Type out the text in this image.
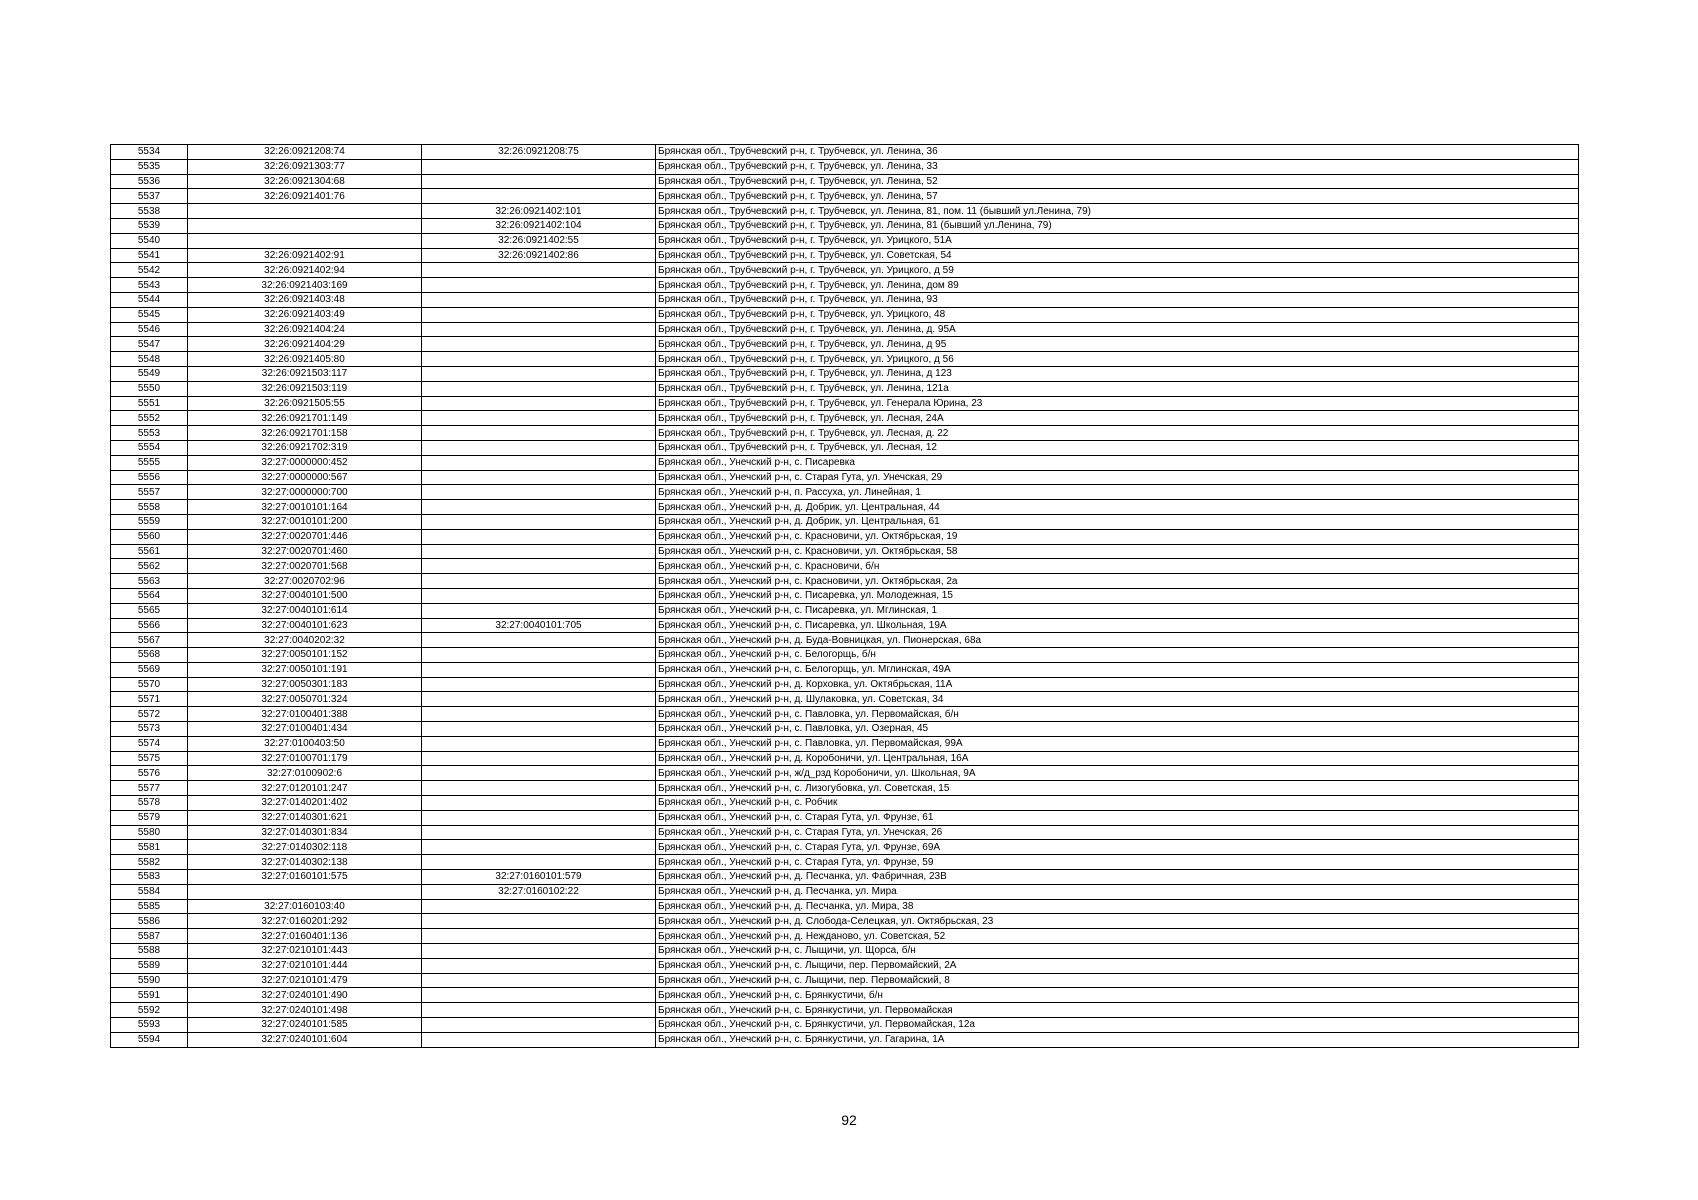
5534	32:26:0921208:74	32:26:0921208:75	Брянская обл., Трубчевский р-н, г. Трубчевск, ул. Ленина, 36
5535	32:26:0921303:77		Брянская обл., Трубчевский р-н, г. Трубчевск, ул. Ленина, 33
5536	32:26:0921304:68		Брянская обл., Трубчевский р-н, г. Трубчевск, ул. Ленина, 52
5537	32:26:0921401:76		Брянская обл., Трубчевский р-н, г. Трубчевск, ул. Ленина, 57
5538		32:26:0921402:101	Брянская обл., Трубчевский р-н, г. Трубчевск, ул. Ленина, 81, пом. 11 (бывший ул.Ленина, 79)
5539		32:26:0921402:104	Брянская обл., Трубчевский р-н, г. Трубчевск, ул. Ленина, 81 (бывший ул.Ленина, 79)
5540		32:26:0921402:55	Брянская обл., Трубчевский р-н, г. Трубчевск, ул. Урицкого, 51А
5541	32:26:0921402:91	32:26:0921402:86	Брянская обл., Трубчевский р-н, г. Трубчевск, ул. Советская, 54
5542	32:26:0921402:94		Брянская обл., Трубчевский р-н, г. Трубчевск, ул. Урицкого, д 59
5543	32:26:0921403:169		Брянская обл., Трубчевский р-н, г. Трубчевск, ул. Ленина, дом 89
5544	32:26:0921403:48		Брянская обл., Трубчевский р-н, г. Трубчевск, ул. Ленина, 93
5545	32:26:0921403:49		Брянская обл., Трубчевский р-н, г. Трубчевск, ул. Урицкого, 48
5546	32:26:0921404:24		Брянская обл., Трубчевский р-н, г. Трубчевск, ул. Ленина, д. 95А
5547	32:26:0921404:29		Брянская обл., Трубчевский р-н, г. Трубчевск, ул. Ленина, д 95
5548	32:26:0921405:80		Брянская обл., Трубчевский р-н, г. Трубчевск, ул. Урицкого, д 56
5549	32:26:0921503:117		Брянская обл., Трубчевский р-н, г. Трубчевск, ул. Ленина, д 123
5550	32:26:0921503:119		Брянская обл., Трубчевский р-н, г. Трубчевск, ул. Ленина, 121а
5551	32:26:0921505:55		Брянская обл., Трубчевский р-н, г. Трубчевск, ул. Генерала Юрина, 23
5552	32:26:0921701:149		Брянская обл., Трубчевский р-н, г. Трубчевск, ул. Лесная, 24А
5553	32:26:0921701:158		Брянская обл., Трубчевский р-н, г. Трубчевск, ул. Лесная, д. 22
5554	32:26:0921702:319		Брянская обл., Трубчевский р-н, г. Трубчевск, ул. Лесная, 12
5555	32:27:0000000:452		Брянская обл., Унечский р-н, с. Писаревка
5556	32:27:0000000:567		Брянская обл., Унечский р-н, с. Старая Гута, ул. Унечская, 29
5557	32:27:0000000:700		Брянская обл., Унечский р-н, п. Рассуха, ул. Линейная, 1
5558	32:27:0010101:164		Брянская обл., Унечский р-н, д. Добрик, ул. Центральная, 44
5559	32:27:0010101:200		Брянская обл., Унечский р-н, д. Добрик, ул. Центральная, 61
5560	32:27:0020701:446		Брянская обл., Унечский р-н, с. Красновичи, ул. Октябрьская, 19
5561	32:27:0020701:460		Брянская обл., Унечский р-н, с. Красновичи, ул. Октябрьская, 58
5562	32:27:0020701:568		Брянская обл., Унечский р-н, с. Красновичи, б/н
5563	32:27:0020702:96		Брянская обл., Унечский р-н, с. Красновичи, ул. Октябрьская, 2а
5564	32:27:0040101:500		Брянская обл., Унечский р-н, с. Писаревка, ул. Молодежная, 15
5565	32:27:0040101:614		Брянская обл., Унечский р-н, с. Писаревка, ул. Мглинская, 1
5566	32:27:0040101:623	32:27:0040101:705	Брянская обл., Унечский р-н, с. Писаревка, ул. Школьная, 19А
5567	32:27:0040202:32		Брянская обл., Унечский р-н, д. Буда-Вовницкая, ул. Пионерская, 68а
5568	32:27:0050101:152		Брянская обл., Унечский р-н, с. Белогорщь, б/н
5569	32:27:0050101:191		Брянская обл., Унечский р-н, с. Белогорщь, ул. Мглинская, 49А
5570	32:27:0050301:183		Брянская обл., Унечский р-н, д. Корховка, ул. Октябрьская, 11А
5571	32:27:0050701:324		Брянская обл., Унечский р-н, д. Шулаковка, ул. Советская, 34
5572	32:27:0100401:388		Брянская обл., Унечский р-н, с. Павловка, ул. Первомайская, б/н
5573	32:27:0100401:434		Брянская обл., Унечский р-н, с. Павловка, ул. Озерная, 45
5574	32:27:0100403:50		Брянская обл., Унечский р-н, с. Павловка, ул. Первомайская, 99А
5575	32:27:0100701:179		Брянская обл., Унечский р-н, д. Коробоничи, ул. Центральная, 16А
5576	32:27:0100902:6		Брянская обл., Унечский р-н, ж/д_рзд Коробоничи, ул. Школьная, 9А
5577	32:27:0120101:247		Брянская обл., Унечский р-н, с. Лизогубовка, ул. Советская, 15
5578	32:27:0140201:402		Брянская обл., Унечский р-н, с. Робчик
5579	32:27:0140301:621		Брянская обл., Унечский р-н, с. Старая Гута, ул. Фрунзе, 61
5580	32:27:0140301:834		Брянская обл., Унечский р-н, с. Старая Гута, ул. Унечская, 26
5581	32:27:0140302:118		Брянская обл., Унечский р-н, с. Старая Гута, ул. Фрунзе, 69А
5582	32:27:0140302:138		Брянская обл., Унечский р-н, с. Старая Гута, ул. Фрунзе, 59
5583	32:27:0160101:575	32:27:0160101:579	Брянская обл., Унечский р-н, д. Песчанка, ул. Фабричная, 23В
5584		32:27:0160102:22	Брянская обл., Унечский р-н, д. Песчанка, ул. Мира
5585	32:27:0160103:40		Брянская обл., Унечский р-н, д. Песчанка, ул. Мира, 38
5586	32:27:0160201:292		Брянская обл., Унечский р-н, д. Слобода-Селецкая, ул. Октябрьская, 23
5587	32:27:0160401:136		Брянская обл., Унечский р-н, д. Нежданово, ул. Советская, 52
5588	32:27:0210101:443		Брянская обл., Унечский р-н, с. Лыщичи, ул. Щорса, б/н
5589	32:27:0210101:444		Брянская обл., Унечский р-н, с. Лыщичи, пер. Первомайский, 2А
5590	32:27:0210101:479		Брянская обл., Унечский р-н, с. Лыщичи, пер. Первомайский, 8
5591	32:27:0240101:490		Брянская обл., Унечский р-н, с. Брянкустичи, б/н
5592	32:27:0240101:498		Брянская обл., Унечский р-н, с. Брянкустичи, ул. Первомайская
5593	32:27:0240101:585		Брянская обл., Унечский р-н, с. Брянкустичи, ул. Первомайская, 12а
5594	32:27:0240101:604		Брянская обл., Унечский р-н, с. Брянкустичи, ул. Гагарина, 1А
92
